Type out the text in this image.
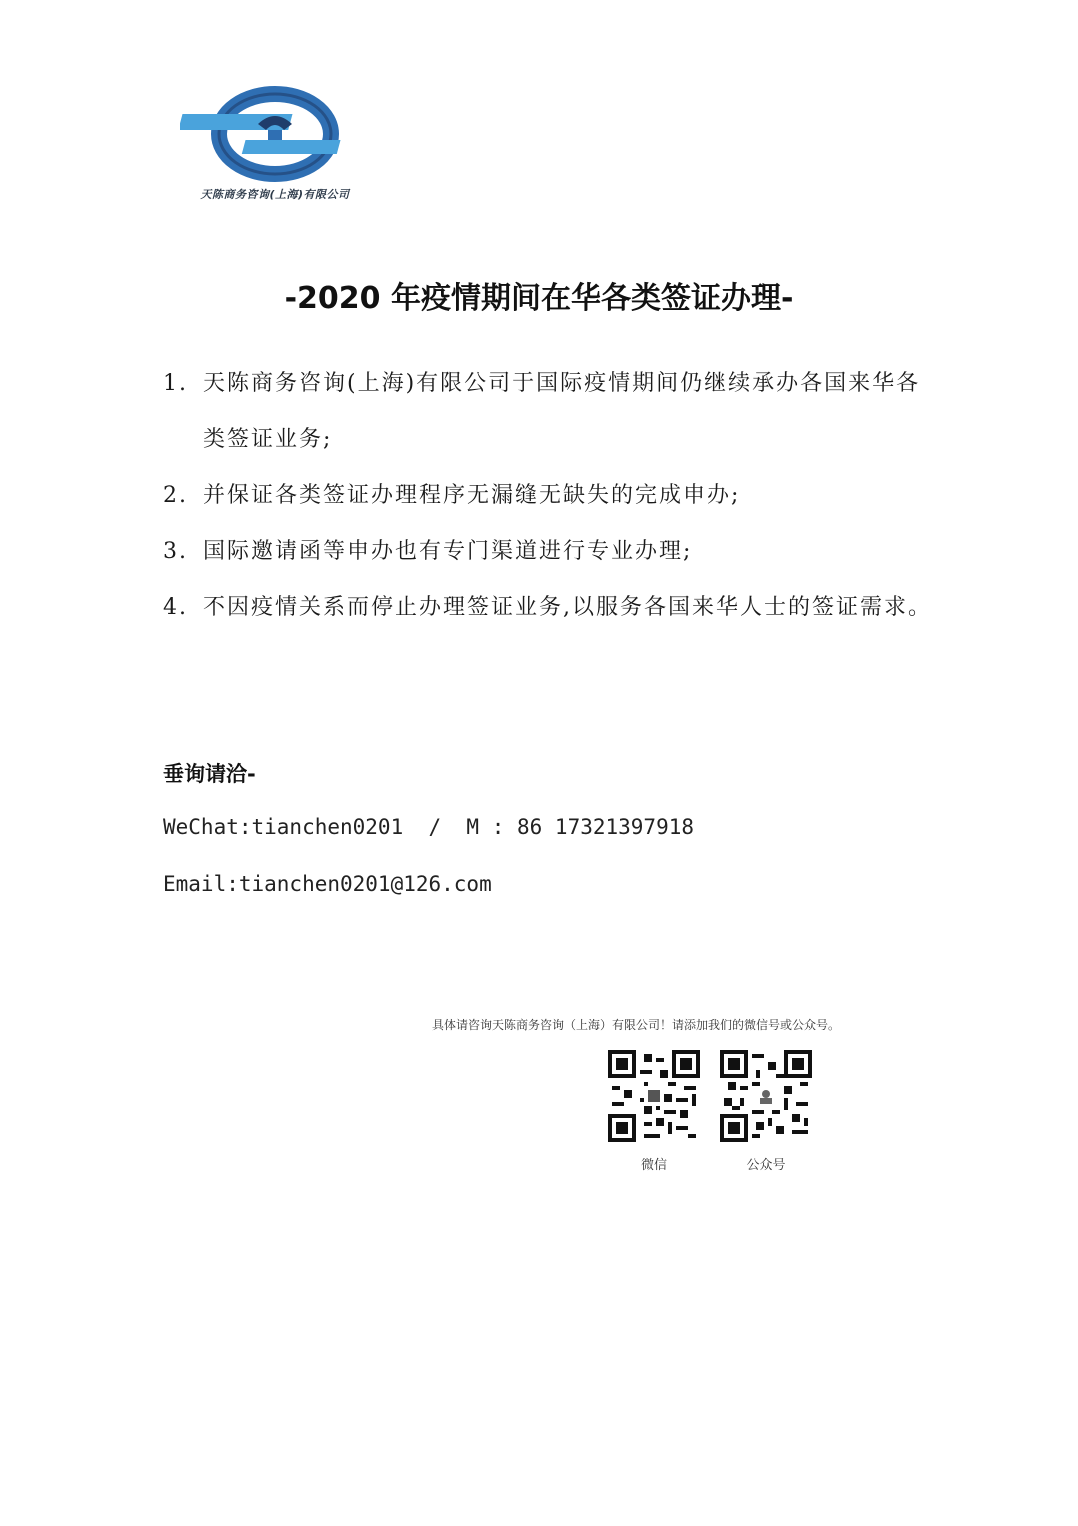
天陈商务咨询(上海)有限公司
-2020 年疫情期间在华各类签证办理-
1. 天陈商务咨询(上海)有限公司于国际疫情期间仍继续承办各国来华各类签证业务;
2. 并保证各类签证办理程序无漏缝无缺失的完成申办;
3. 国际邀请函等申办也有专门渠道进行专业办理;
4. 不因疫情关系而停止办理签证业务,以服务各国来华人士的签证需求。
垂询请洽-
WeChat:tianchen0201  /  M : 86 17321397918
Email:tianchen0201@126.com
具体请咨询天陈商务咨询（上海）有限公司！请添加我们的微信号或公众号。
微信	公众号
